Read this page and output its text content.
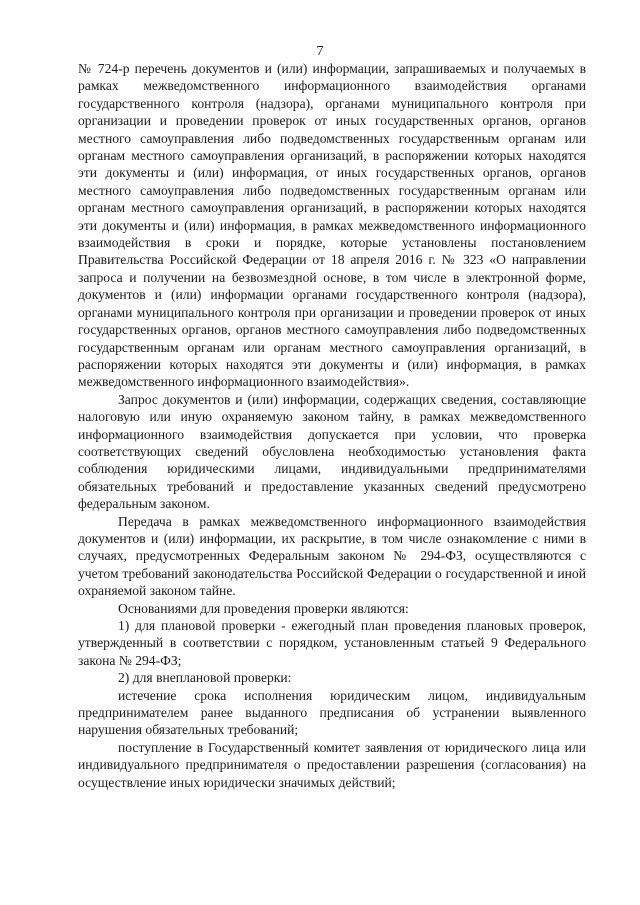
7

№ 724-р перечень документов и (или) информации, запрашиваемых и получаемых в рамках межведомственного информационного взаимодействия органами государственного контроля (надзора), органами муниципального контроля при организации и проведении проверок от иных государственных органов, органов местного самоуправления либо подведомственных государственным органам или органам местного самоуправления организаций, в распоряжении которых находятся эти документы и (или) информация, от иных государственных органов, органов местного самоуправления либо подведомственных государственным органам или органам местного самоуправления организаций, в распоряжении которых находятся эти документы и (или) информация, в рамках межведомственного информационного взаимодействия в сроки и порядке, которые установлены постановлением Правительства Российской Федерации от 18 апреля 2016 г. № 323 «О направлении запроса и получении на безвозмездной основе, в том числе в электронной форме, документов и (или) информации органами государственного контроля (надзора), органами муниципального контроля при организации и проведении проверок от иных государственных органов, органов местного самоуправления либо подведомственных государственным органам или органам местного самоуправления организаций, в распоряжении которых находятся эти документы и (или) информация, в рамках межведомственного информационного взаимодействия».

Запрос документов и (или) информации, содержащих сведения, составляющие налоговую или иную охраняемую законом тайну, в рамках межведомственного информационного взаимодействия допускается при условии, что проверка соответствующих сведений обусловлена необходимостью установления факта соблюдения юридическими лицами, индивидуальными предпринимателями обязательных требований и предоставление указанных сведений предусмотрено федеральным законом.

Передача в рамках межведомственного информационного взаимодействия документов и (или) информации, их раскрытие, в том числе ознакомление с ними в случаях, предусмотренных Федеральным законом № 294-ФЗ, осуществляются с учетом требований законодательства Российской Федерации о государственной и иной охраняемой законом тайне.

Основаниями для проведения проверки являются:

1) для плановой проверки - ежегодный план проведения плановых проверок, утвержденный в соответствии с порядком, установленным статьей 9 Федерального закона № 294-ФЗ;

2) для внеплановой проверки:

истечение срока исполнения юридическим лицом, индивидуальным предпринимателем ранее выданного предписания об устранении выявленного нарушения обязательных требований;

поступление в Государственный комитет заявления от юридического лица или индивидуального предпринимателя о предоставлении разрешения (согласования) на осуществление иных юридически значимых действий;
